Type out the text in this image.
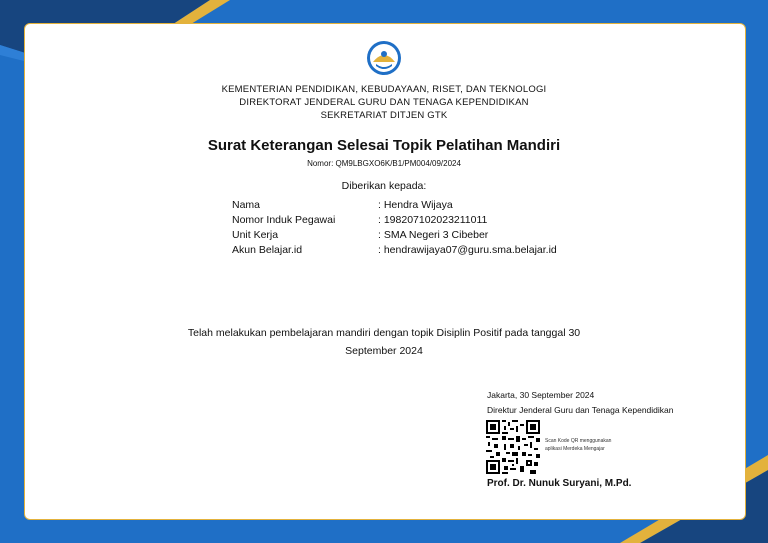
KEMENTERIAN PENDIDIKAN, KEBUDAYAAN, RISET, DAN TEKNOLOGI
DIREKTORAT JENDERAL GURU DAN TENAGA KEPENDIDIKAN
SEKRETARIAT DITJEN GTK
Surat Keterangan Selesai Topik Pelatihan Mandiri
Nomor: QM9LBGXO6K/B1/PM004/09/2024
Diberikan kepada:
Nama	: Hendra Wijaya
Nomor Induk Pegawai	: 198207102023211011
Unit Kerja	: SMA Negeri 3 Cibeber
Akun Belajar.id	: hendrawijaya07@guru.sma.belajar.id
Telah melakukan pembelajaran mandiri dengan topik Disiplin Positif pada tanggal 30
September 2024
Jakarta, 30 September 2024
Direktur Jenderal Guru dan Tenaga Kependidikan
Scan Kode QR menggunakan
aplikasi Merdeka Mengajar
Prof. Dr. Nunuk Suryani, M.Pd.
